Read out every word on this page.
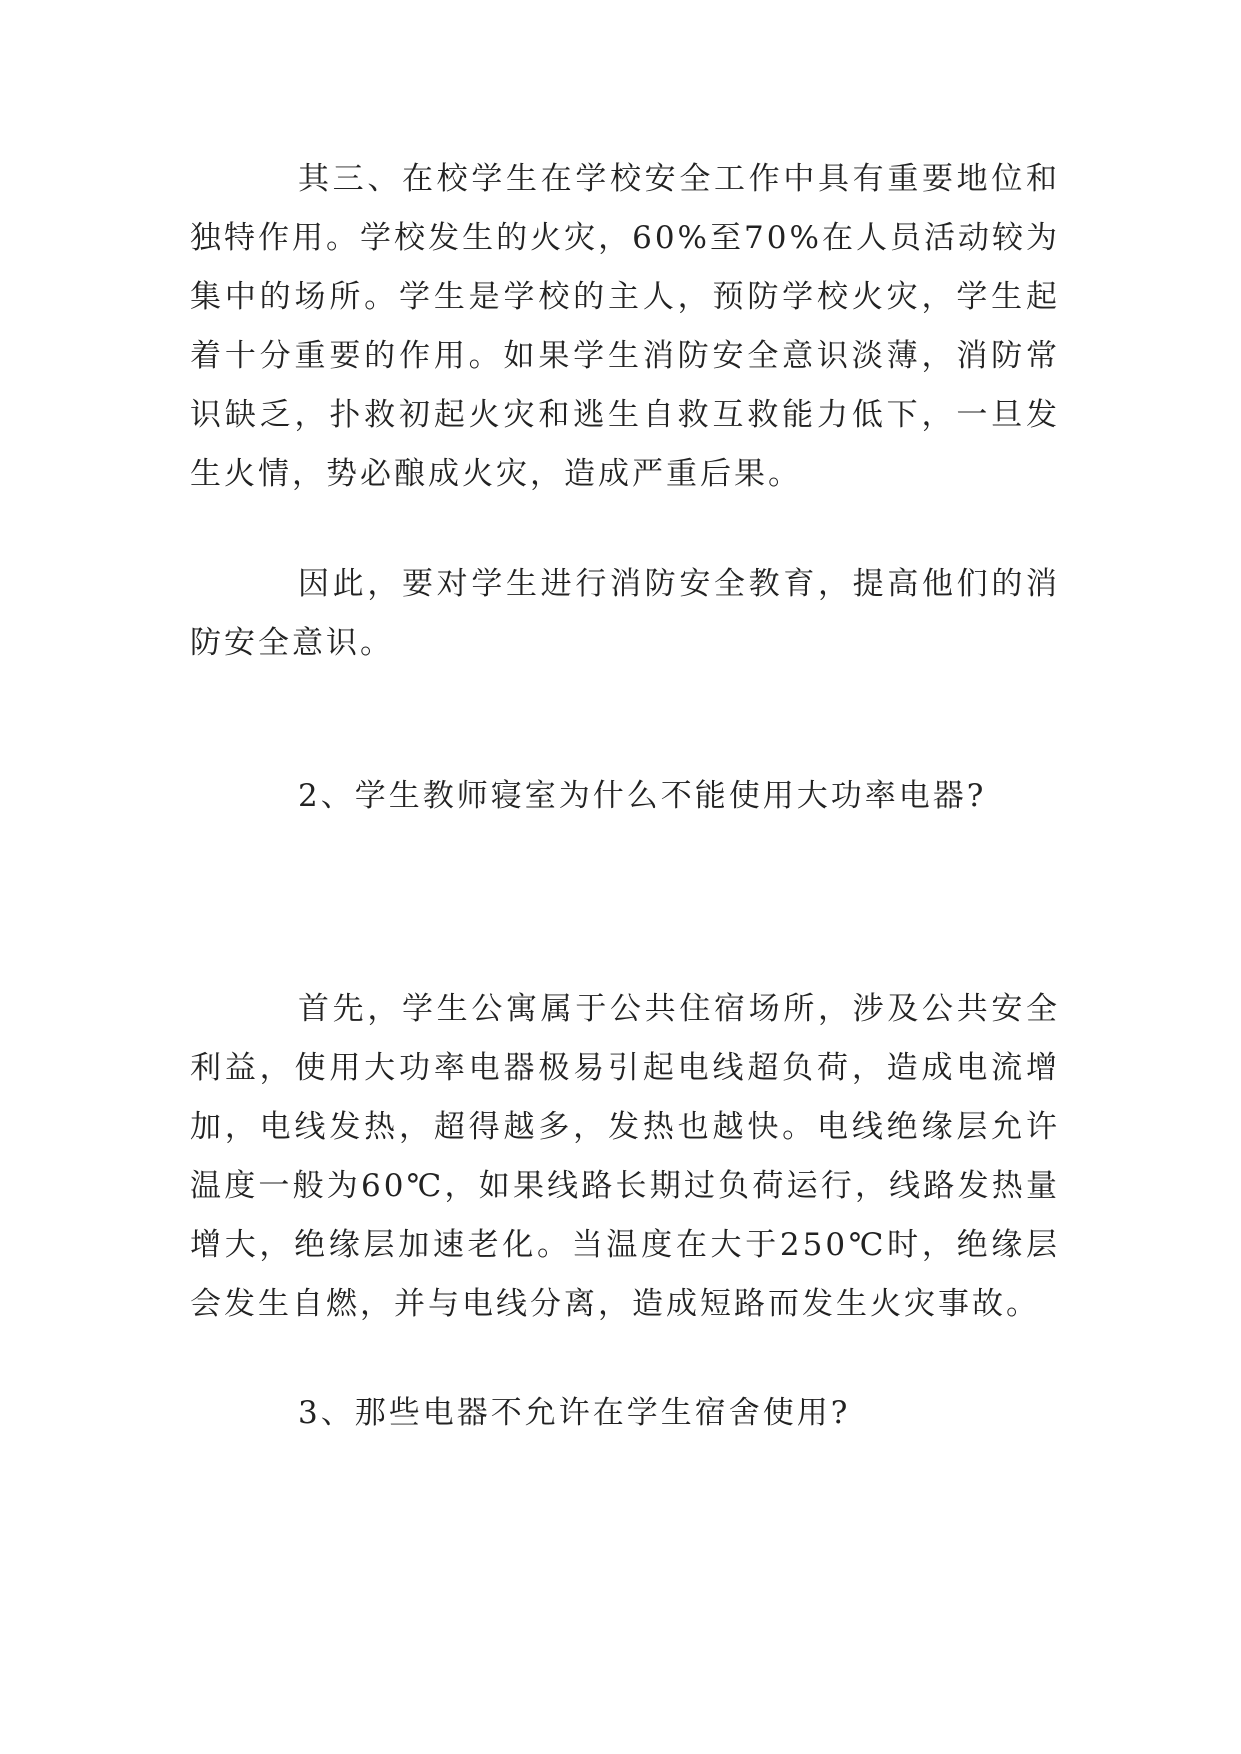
其三、在校学生在学校安全工作中具有重要地位和独特作用。学校发生的火灾，60%至70%在人员活动较为集中的场所。学生是学校的主人，预防学校火灾，学生起着十分重要的作用。如果学生消防安全意识淡薄，消防常识缺乏，扑救初起火灾和逃生自救互救能力低下，一旦发生火情，势必酿成火灾，造成严重后果。

因此，要对学生进行消防安全教育，提高他们的消防安全意识。

2、学生教师寝室为什么不能使用大功率电器?

首先，学生公寓属于公共住宿场所，涉及公共安全利益，使用大功率电器极易引起电线超负荷，造成电流增加，电线发热，超得越多，发热也越快。电线绝缘层允许温度一般为60℃，如果线路长期过负荷运行，线路发热量增大，绝缘层加速老化。当温度在大于250℃时，绝缘层会发生自燃，并与电线分离，造成短路而发生火灾事故。

3、那些电器不允许在学生宿舍使用?
